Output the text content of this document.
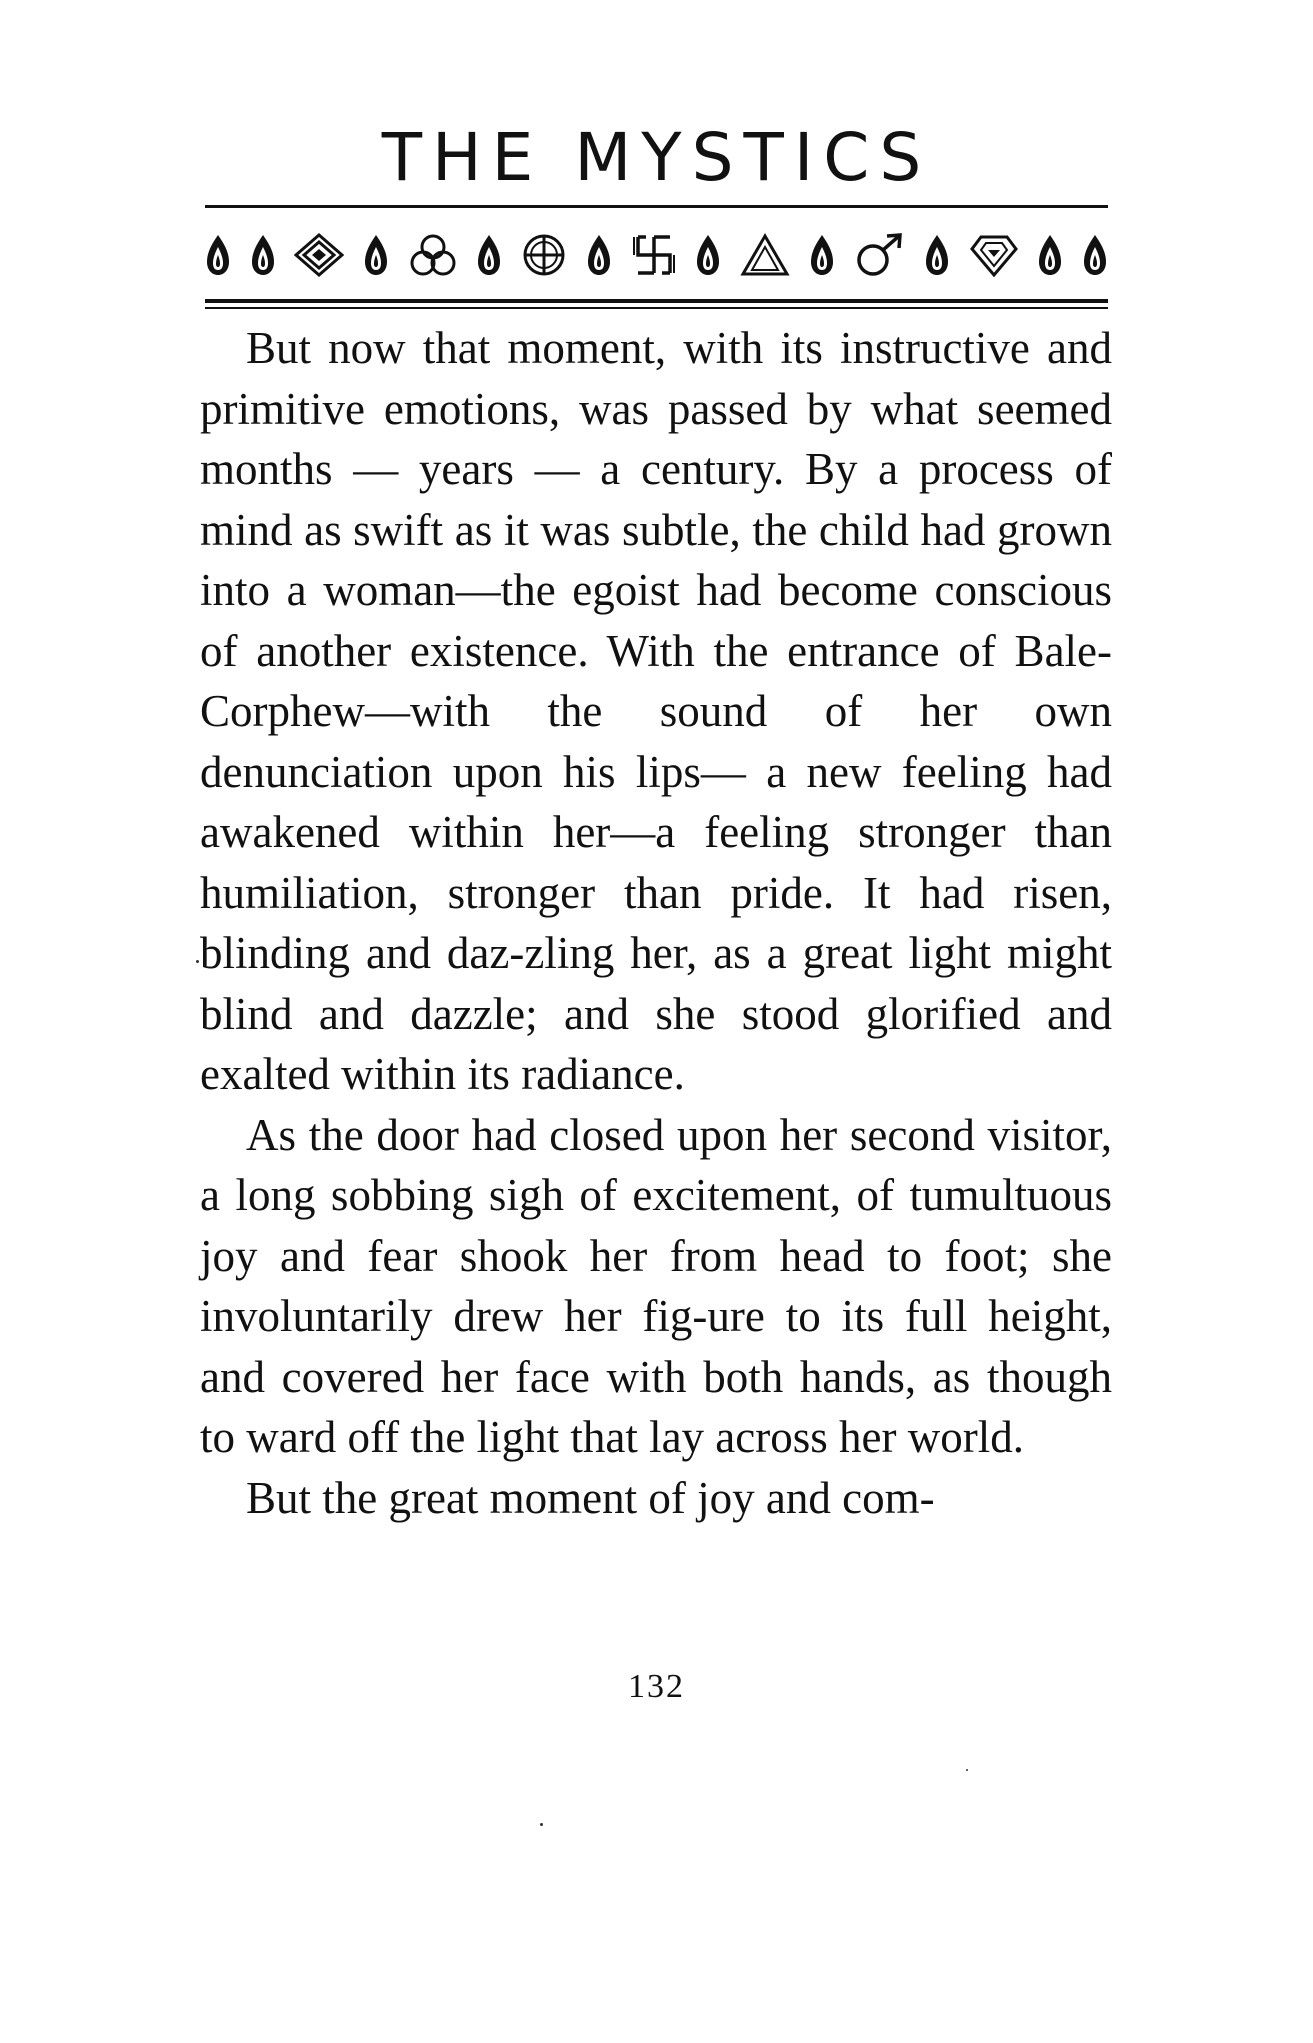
THE MYSTICS

But now that moment, with its instructive and primitive emotions, was passed by what seemed months — years — a century. By a process of mind as swift as it was subtle, the child had grown into a woman—the egoist had become conscious of another existence. With the entrance of Bale-Corphew—with the sound of her own denunciation upon his lips— a new feeling had awakened within her—a feeling stronger than humiliation, stronger than pride. It had risen, blinding and daz-zling her, as a great light might blind and dazzle; and she stood glorified and exalted within its radiance.

As the door had closed upon her second visitor, a long sobbing sigh of excitement, of tumultuous joy and fear shook her from head to foot; she involuntarily drew her fig-ure to its full height, and covered her face with both hands, as though to ward off the light that lay across her world.

But the great moment of joy and com-

132
